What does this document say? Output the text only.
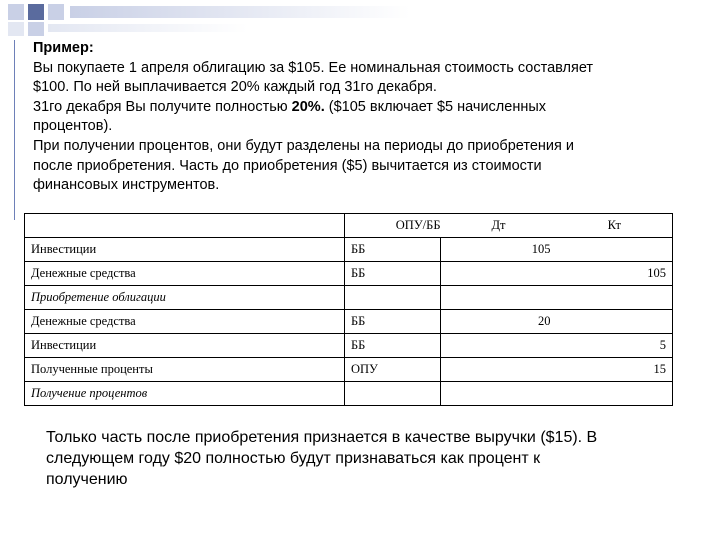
Пример:
Вы покупаете 1 апреля облигацию за $105. Ее номинальная стоимость составляет
$100. По ней выплачивается 20% каждый год 31го декабря.
31го декабря Вы получите полностью 20%. ($105 включает $5 начисленных
процентов).
При получении процентов, они будут разделены на периоды до приобретения и
после приобретения. Часть до приобретения ($5) вычитается из стоимости
финансовых инструментов.
	ОПУ/ББ	Дт	Кт
Инвестиции	ББ	105	
Денежные средства	ББ		105
Приобретение облигации			
Денежные средства	ББ	20	
Инвестиции	ББ		5
Полученные проценты	ОПУ		15
Получение процентов			
Только часть после приобретения признается в качестве выручки ($15). В
следующем году $20 полностью будут признаваться как процент к
получению
